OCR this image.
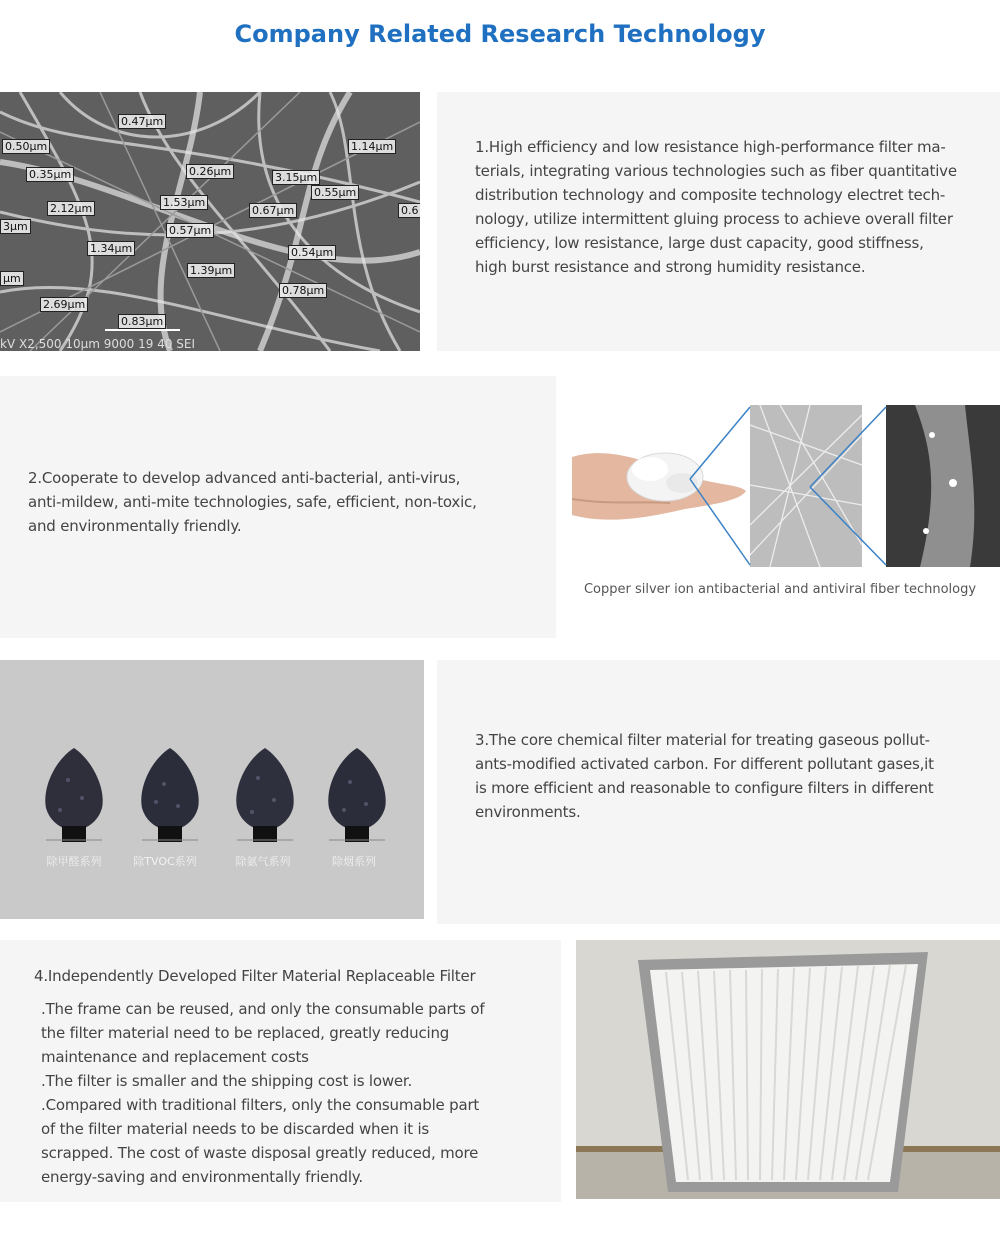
Company Related Research Technology
0.47µm
0.50µm	1.14µm
0.35µm	0.26µm	3.15µm
0.55µm
2.12µm	1.53µm
0.67µm	0.6
3µm	0.57µm
1.34µm	0.54µm
1.39µm
µm
0.78µm
2.69µm
0.83µm
kV X2,500 10µm 9000 19 40 SEI
1.High efficiency and low resistance high-performance filter ma-
terials, integrating various technologies such as fiber quantitative
distribution technology and composite technology electret tech-
nology, utilize intermittent gluing process to achieve overall filter
efficiency, low resistance, large dust capacity, good stiffness,
high burst resistance and strong humidity resistance.
2.Cooperate to develop advanced anti-bacterial, anti-virus,
anti-mildew, anti-mite technologies, safe, efficient, non-toxic,
and environmentally friendly.
Copper silver ion antibacterial and antiviral fiber technology
除甲醛系列	除TVOC系列	除氨气系列	除烟系列
3.The core chemical filter material for treating gaseous pollut-
ants-modified activated carbon. For different pollutant gases,it
is more efficient and reasonable to configure filters in different
environments.
4.Independently Developed Filter Material Replaceable Filter
.The frame can be reused, and only the consumable parts of
the filter material need to be replaced, greatly reducing
maintenance and replacement costs
.The filter is smaller and the shipping cost is lower.
.Compared with traditional filters, only the consumable part
of the filter material needs to be discarded when it is
scrapped. The cost of waste disposal greatly reduced, more
energy-saving and environmentally friendly.
